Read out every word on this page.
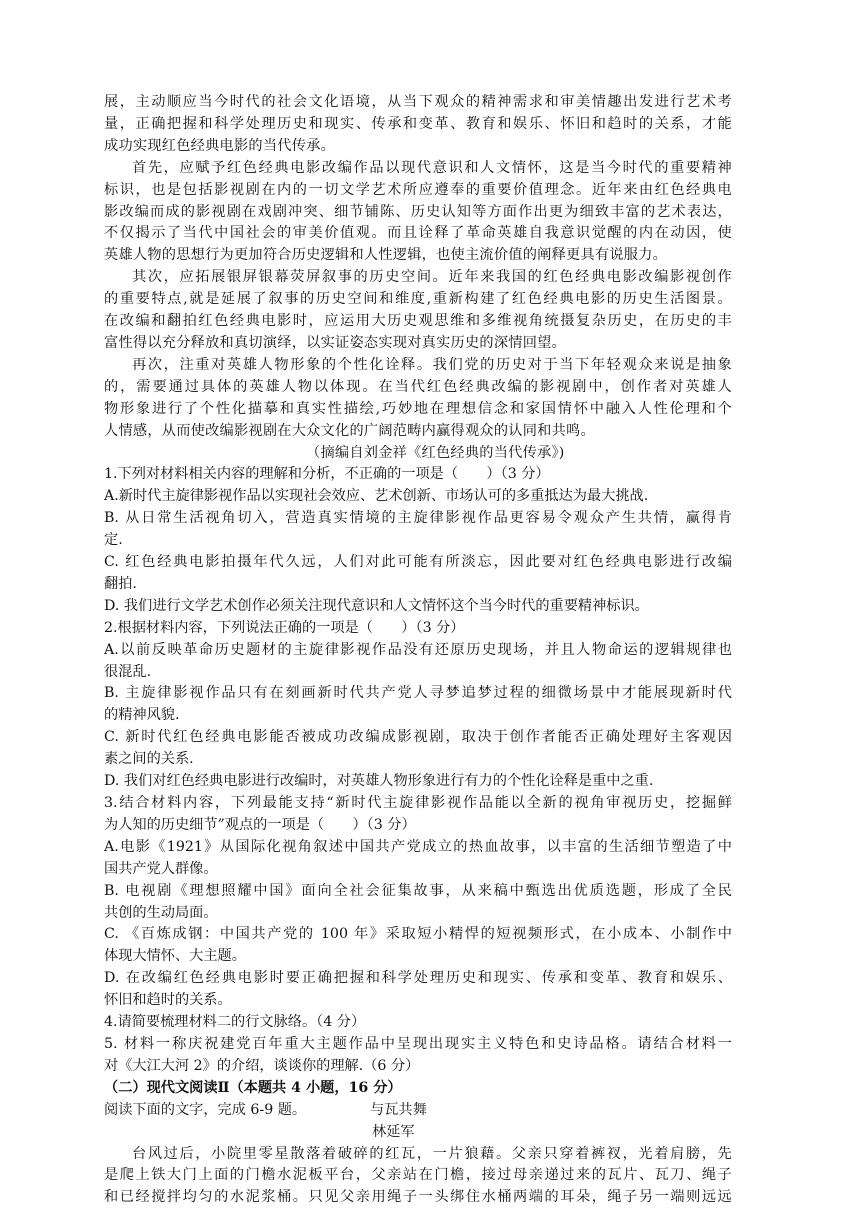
展，主动顺应当今时代的社会文化语境，从当下观众的精神需求和审美情趣出发进行艺术考
量，正确把握和科学处理历史和现实、传承和变革、教育和娱乐、怀旧和趋时的关系，才能
成功实现红色经典电影的当代传承。
首先，应赋予红色经典电影改编作品以现代意识和人文情怀，这是当今时代的重要精神
标识，也是包括影视剧在内的一切文学艺术所应遵奉的重要价值理念。近年来由红色经典电
影改编而成的影视剧在戏剧冲突、细节铺陈、历史认知等方面作出更为细致丰富的艺术表达，
不仅揭示了当代中国社会的审美价值观。而且诠释了革命英雄自我意识觉醒的内在动因，使
英雄人物的思想行为更加符合历史逻辑和人性逻辑，也使主流价值的阐释更具有说服力。
其次，应拓展银屏银幕荧屏叙事的历史空间。近年来我国的红色经典电影改编影视创作
的重要特点,就是延展了叙事的历史空间和维度,重新构建了红色经典电影的历史生活图景。
在改编和翻拍红色经典电影时，应运用大历史观思维和多维视角统摄复杂历史，在历史的丰
富性得以充分释放和真切演绎，以实证姿态实现对真实历史的深情回望。
再次，注重对英雄人物形象的个性化诠释。我们党的历史对于当下年轻观众来说是抽象
的，需要通过具体的英雄人物以体现。在当代红色经典改编的影视剧中，创作者对英雄人
物形象进行了个性化描摹和真实性描绘,巧妙地在理想信念和家国情怀中融入人性伦理和个
人情感，从而使改编影视剧在大众文化的广阔范畴内赢得观众的认同和共鸣。
（摘编自刘金祥《红色经典的当代传承》)
1.下列对材料相关内容的理解和分析，不正确的一项是（　　）（3 分）
A.新时代主旋律影视作品以实现社会效应、艺术创新、市场认可的多重抵达为最大挑战.
B. 从日常生活视角切入，营造真实情境的主旋律影视作品更容易令观众产生共情，赢得肯
定.
C. 红色经典电影拍摄年代久远，人们对此可能有所淡忘，因此要对红色经典电影进行改编
翻拍.
D. 我们进行文学艺术创作必须关注现代意识和人文情怀这个当今时代的重要精神标识。
2.根据材料内容，下列说法正确的一项是（　　）（3 分）
A.以前反映革命历史题材的主旋律影视作品没有还原历史现场，并且人物命运的逻辑规律也
很混乱.
B. 主旋律影视作品只有在刻画新时代共产党人寻梦追梦过程的细微场景中才能展现新时代
的精神风貌.
C. 新时代红色经典电影能否被成功改编成影视剧，取决于创作者能否正确处理好主客观因
素之间的关系.
D. 我们对红色经典电影进行改编时，对英雄人物形象进行有力的个性化诠释是重中之重.
3.结合材料内容，下列最能支持“新时代主旋律影视作品能以全新的视角审视历史，挖掘鲜
为人知的历史细节”观点的一项是（　　）（3 分）
A.电影《1921》从国际化视角叙述中国共产党成立的热血故事，以丰富的生活细节塑造了中
国共产党人群像。
B. 电视剧《理想照耀中国》面向全社会征集故事，从来稿中甄选出优质选题，形成了全民
共创的生动局面。
C. 《百炼成钢：中国共产党的 100 年》采取短小精悍的短视频形式，在小成本、小制作中
体现大情怀、大主题。
D. 在改编红色经典电影时要正确把握和科学处理历史和现实、传承和变革、教育和娱乐、
怀旧和趋时的关系。
4.请简要梳理材料二的行文脉络。（4 分）
5. 材料一称庆祝建党百年重大主题作品中呈现出现实主义特色和史诗品格。请结合材料一
对《大江大河 2》的介绍，谈谈你的理解.（6 分）
（二）现代文阅读Ⅱ（本题共 4 小题，16 分）
阅读下面的文字，完成 6-9 题。	与瓦共舞
林延军
台风过后，小院里零星散落着破碎的红瓦，一片狼藉。父亲只穿着裤衩，光着肩膀，先
是爬上铁大门上面的门檐水泥板平台，父亲站在门檐，接过母亲递过来的瓦片、瓦刀、绳子
和已经搅拌均匀的水泥浆桶。只见父亲用绳子一头绑住水桶两端的耳朵，绳子另一端则远远
